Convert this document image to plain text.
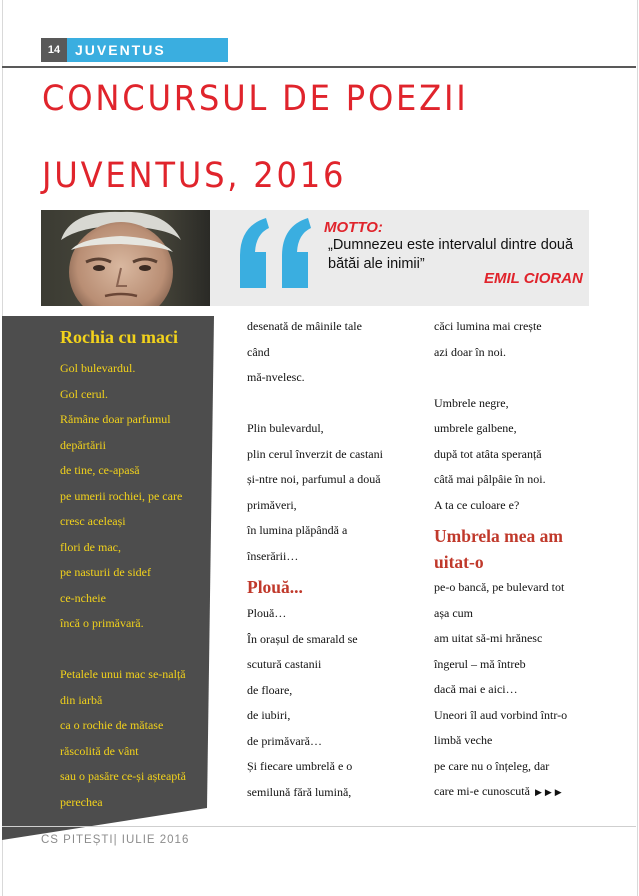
14	JUVENTUS
CONCURSUL DE POEZII
JUVENTUS, 2016
MOTTO:
„Dumnezeu este intervalul dintre două bătăi ale inimii”
EMIL CIORAN
Rochia cu maci
Gol bulevardul.
Gol cerul.
Rămâne doar parfumul
depărtării
de tine, ce-apasă
pe umerii rochiei, pe care
cresc aceleași
flori de mac,
pe nasturii de sidef
ce-ncheie
încă o primăvară.
Petalele unui mac se-nalță
din iarbă
ca o rochie de mătase
răscolită de vânt
sau o pasăre ce-și așteaptă
perechea
desenată de mâinile tale
când
mă-nvelesc.
Plin bulevardul,
plin cerul înverzit de castani
și-ntre noi, parfumul a două
primăveri,
în lumina plăpândă a
înserării…
Plouă...
Plouă…
În orașul de smarald se
scutură castanii
de floare,
de iubiri,
de primăvară…
Și fiecare umbrelă e o
semilună fără lumină,
căci lumina mai crește
azi doar în noi.
Umbrele negre,
umbrele galbene,
după tot atâta speranță
câtă mai pâlpâie în noi.
A ta ce culoare e?
Umbrela mea am
uitat-o
pe-o bancă, pe bulevard tot
așa cum
am uitat să-mi hrănesc
îngerul – mă întreb
dacă mai e aici…
Uneori îl aud vorbind într-o
limbă veche
pe care nu o înțeleg, dar
care mi-e cunoscută ▶▶▶
CS PITEȘTI| IULIE 2016
